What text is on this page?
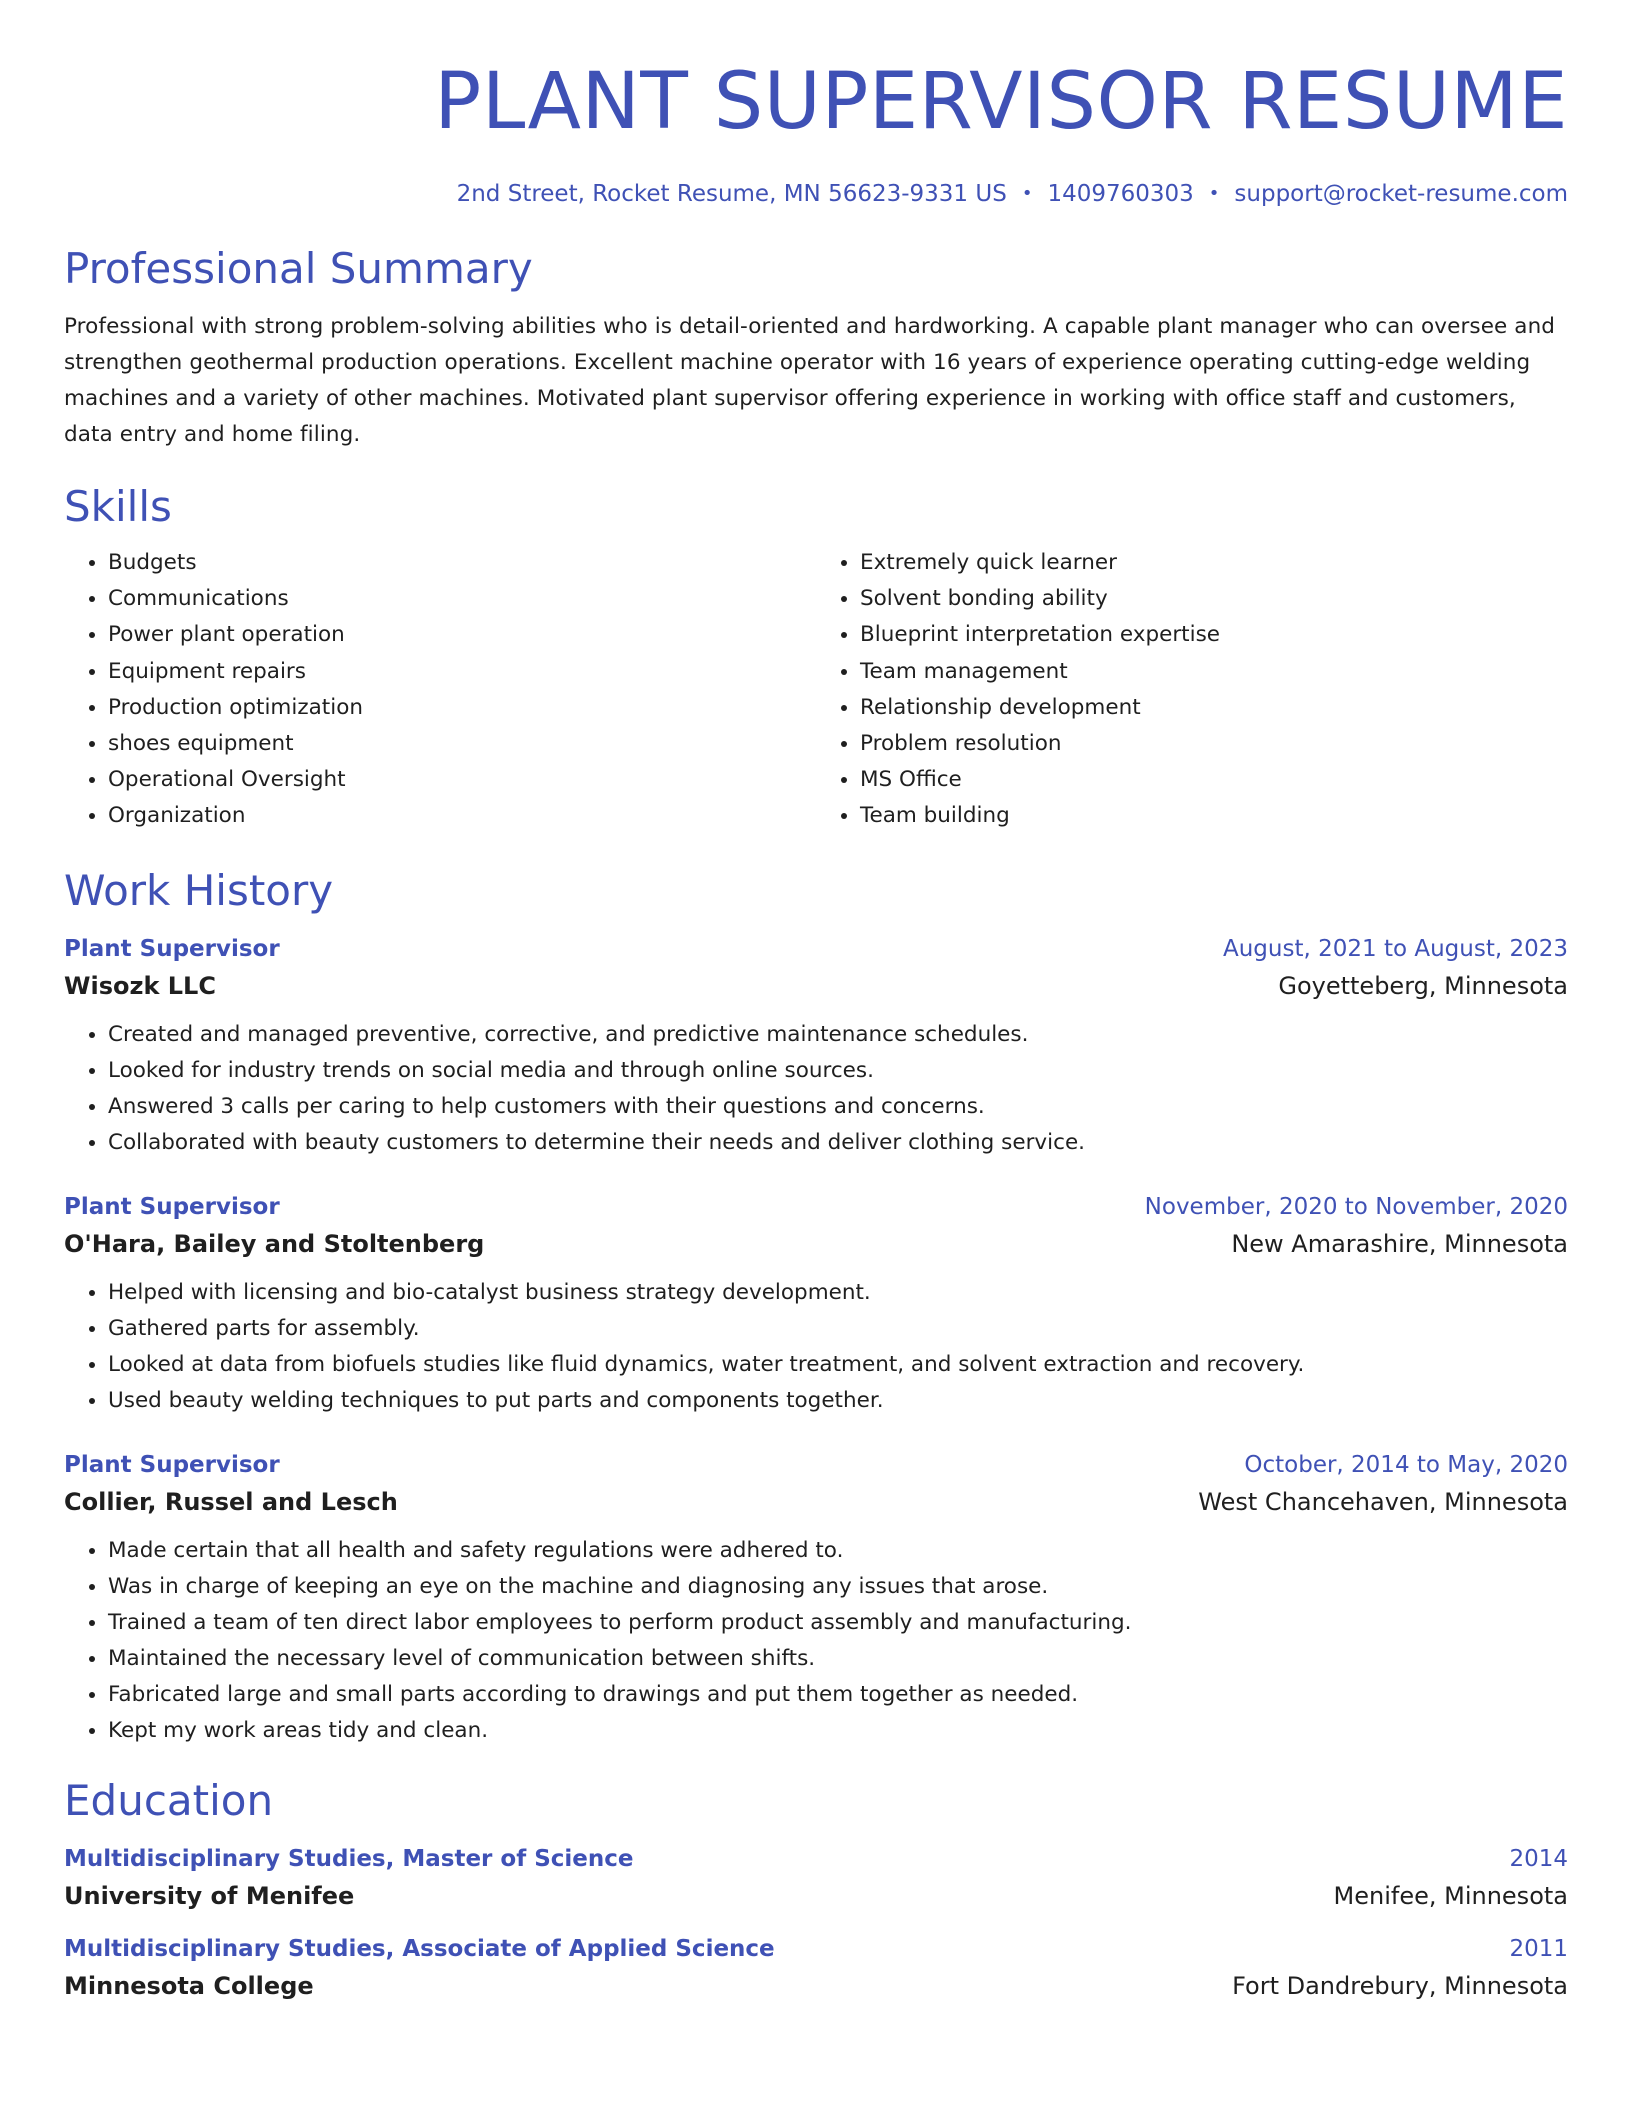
PLANT SUPERVISOR RESUME
2nd Street, Rocket Resume, MN 56623-9331 US • 1409760303 • support@rocket-resume.com
Professional Summary
Professional with strong problem-solving abilities who is detail-oriented and hardworking. A capable plant manager who can oversee and strengthen geothermal production operations. Excellent machine operator with 16 years of experience operating cutting-edge welding machines and a variety of other machines. Motivated plant supervisor offering experience in working with office staff and customers, data entry and home filing.
Skills
• Budgets
• Communications
• Power plant operation
• Equipment repairs
• Production optimization
• shoes equipment
• Operational Oversight
• Organization
• Extremely quick learner
• Solvent bonding ability
• Blueprint interpretation expertise
• Team management
• Relationship development
• Problem resolution
• MS Office
• Team building
Work History
Plant Supervisor	August, 2021 to August, 2023
Wisozk LLC	Goyetteberg, Minnesota
• Created and managed preventive, corrective, and predictive maintenance schedules.
• Looked for industry trends on social media and through online sources.
• Answered 3 calls per caring to help customers with their questions and concerns.
• Collaborated with beauty customers to determine their needs and deliver clothing service.
Plant Supervisor	November, 2020 to November, 2020
O'Hara, Bailey and Stoltenberg	New Amarashire, Minnesota
• Helped with licensing and bio-catalyst business strategy development.
• Gathered parts for assembly.
• Looked at data from biofuels studies like fluid dynamics, water treatment, and solvent extraction and recovery.
• Used beauty welding techniques to put parts and components together.
Plant Supervisor	October, 2014 to May, 2020
Collier, Russel and Lesch	West Chancehaven, Minnesota
• Made certain that all health and safety regulations were adhered to.
• Was in charge of keeping an eye on the machine and diagnosing any issues that arose.
• Trained a team of ten direct labor employees to perform product assembly and manufacturing.
• Maintained the necessary level of communication between shifts.
• Fabricated large and small parts according to drawings and put them together as needed.
• Kept my work areas tidy and clean.
Education
Multidisciplinary Studies, Master of Science	2014
University of Menifee	Menifee, Minnesota
Multidisciplinary Studies, Associate of Applied Science	2011
Minnesota College	Fort Dandrebury, Minnesota
